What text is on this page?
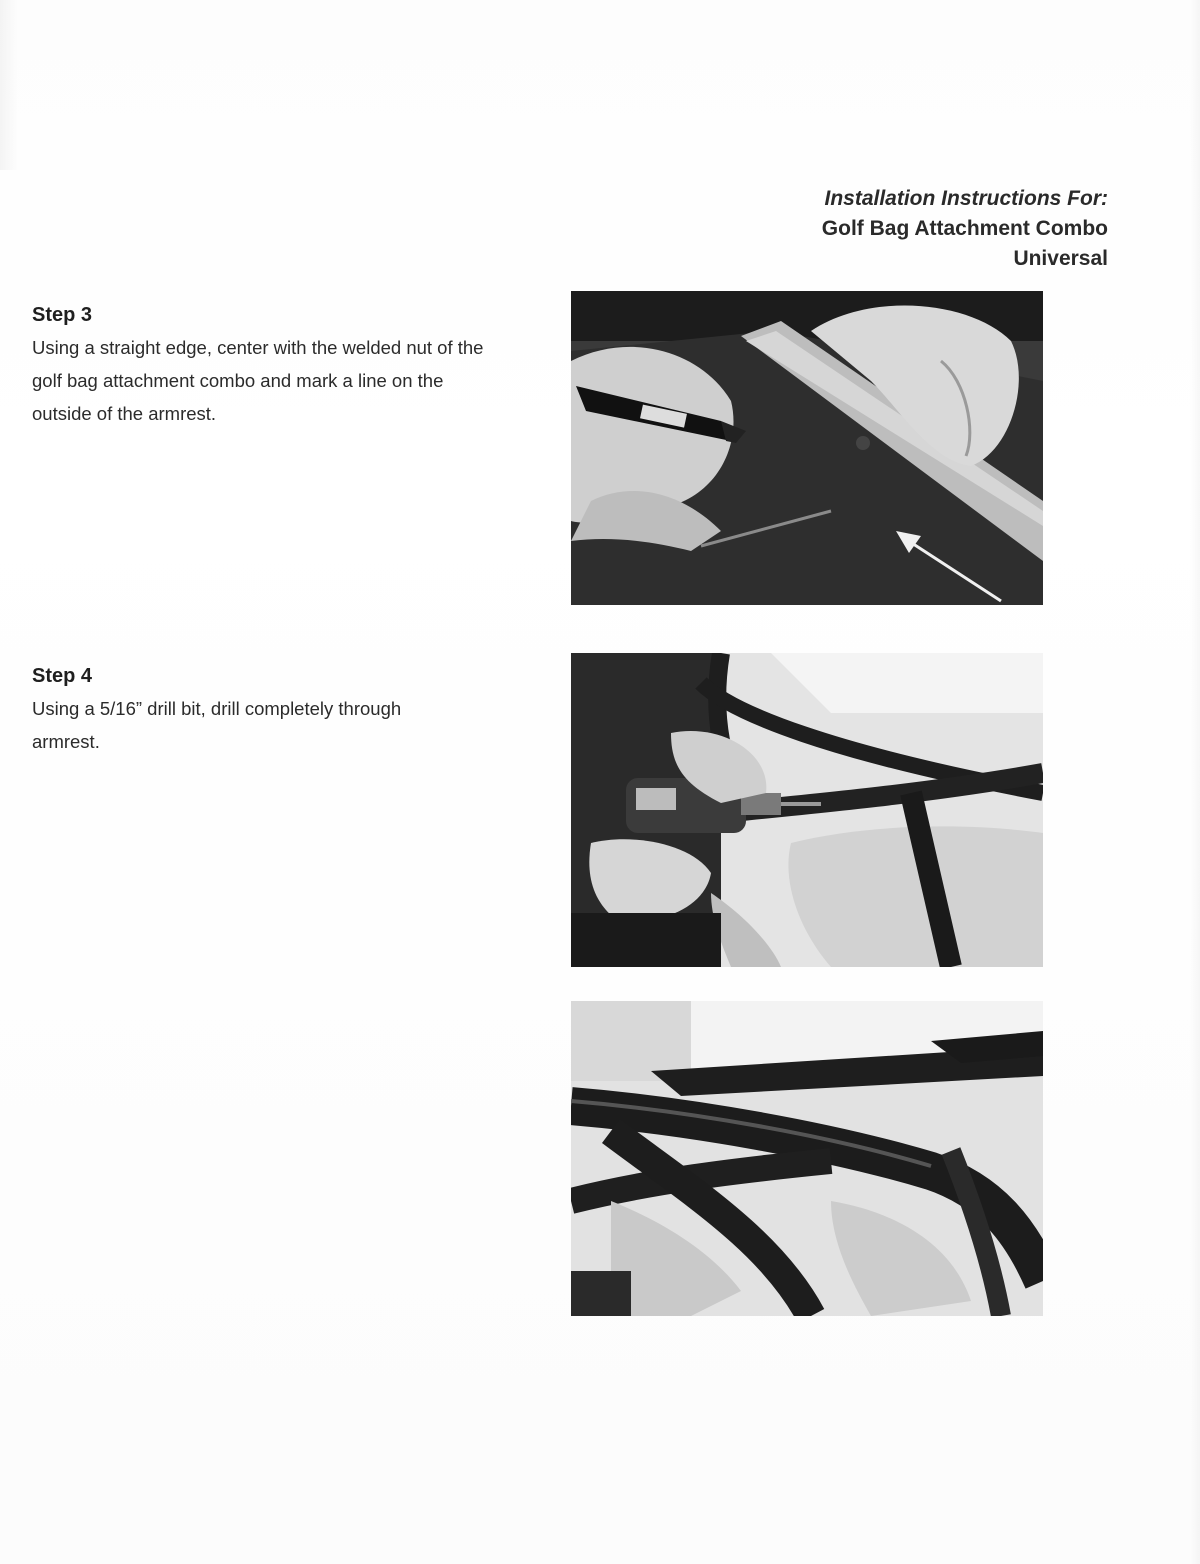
Installation Instructions For:
Golf Bag Attachment Combo
Universal
Step 3

Using a straight edge, center with the welded nut of the
golf bag attachment combo and mark a line on the
outside of the armrest.

Step 4

Using a 5/16” drill bit, drill completely through
armrest.
